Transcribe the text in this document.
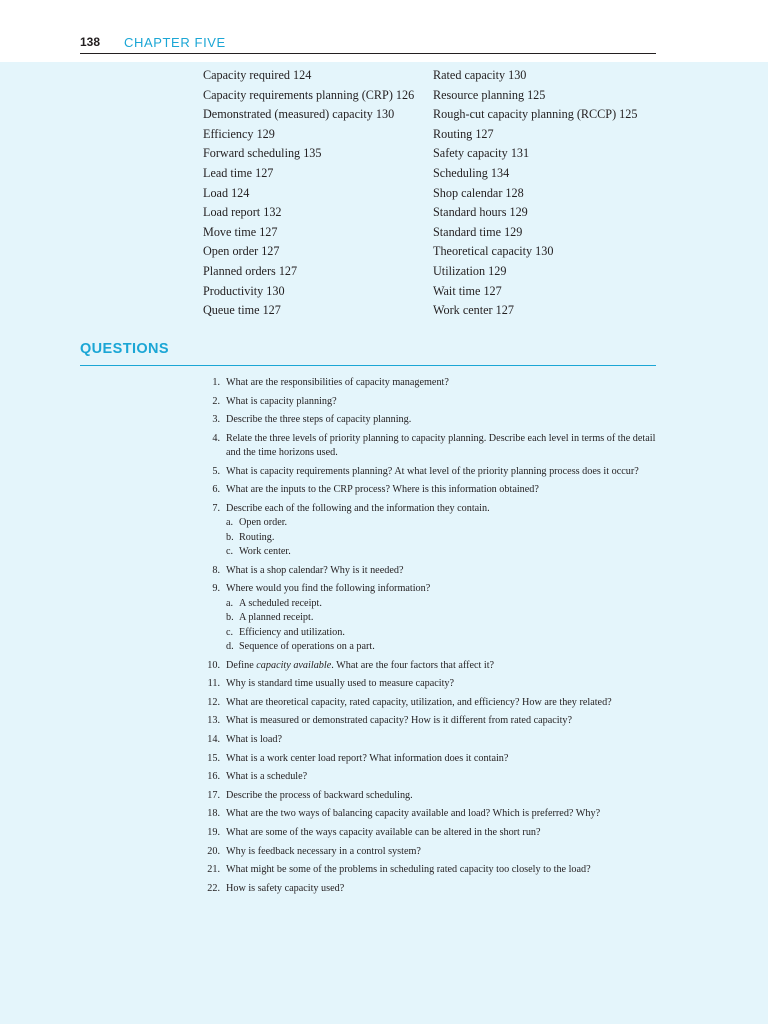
138 CHAPTER FIVE
Capacity required 124
Capacity requirements planning (CRP) 126
Demonstrated (measured) capacity 130
Efficiency 129
Forward scheduling 135
Lead time 127
Load 124
Load report 132
Move time 127
Open order 127
Planned orders 127
Productivity 130
Queue time 127
Rated capacity 130
Resource planning 125
Rough-cut capacity planning (RCCP) 125
Routing 127
Safety capacity 131
Scheduling 134
Shop calendar 128
Standard hours 129
Standard time 129
Theoretical capacity 130
Utilization 129
Wait time 127
Work center 127
QUESTIONS
1. What are the responsibilities of capacity management?
2. What is capacity planning?
3. Describe the three steps of capacity planning.
4. Relate the three levels of priority planning to capacity planning. Describe each level in terms of the detail and the time horizons used.
5. What is capacity requirements planning? At what level of the priority planning process does it occur?
6. What are the inputs to the CRP process? Where is this information obtained?
7. Describe each of the following and the information they contain.
a. Open order.
b. Routing.
c. Work center.
8. What is a shop calendar? Why is it needed?
9. Where would you find the following information?
a. A scheduled receipt.
b. A planned receipt.
c. Efficiency and utilization.
d. Sequence of operations on a part.
10. Define capacity available. What are the four factors that affect it?
11. Why is standard time usually used to measure capacity?
12. What are theoretical capacity, rated capacity, utilization, and efficiency? How are they related?
13. What is measured or demonstrated capacity? How is it different from rated capacity?
14. What is load?
15. What is a work center load report? What information does it contain?
16. What is a schedule?
17. Describe the process of backward scheduling.
18. What are the two ways of balancing capacity available and load? Which is preferred? Why?
19. What are some of the ways capacity available can be altered in the short run?
20. Why is feedback necessary in a control system?
21. What might be some of the problems in scheduling rated capacity too closely to the load?
22. How is safety capacity used?
